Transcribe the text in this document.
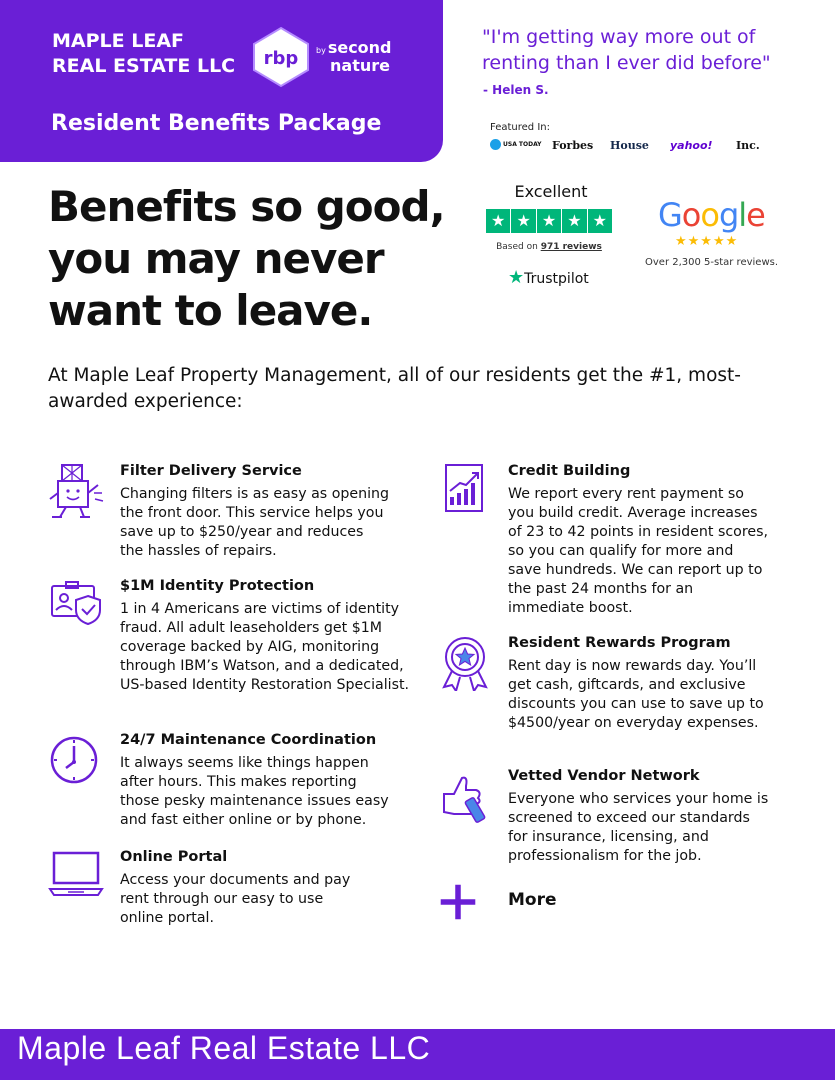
MAPLE LEAF
REAL ESTATE LLC	rbp by second
nature
Resident Benefits Package
"I'm getting way more out of renting than I ever did before"
- Helen S.
Featured In:
USA TODAY Forbes House yahoo! Inc.
Benefits so good,
you may never
want to leave.
Excellent
★ ★ ★ ★ ★
Based on 971 reviews
★Trustpilot
Google
★★★★★
Over 2,300 5-star reviews.
At Maple Leaf Property Management, all of our residents get the #1, most-awarded experience:
Filter Delivery Service
Changing filters is as easy as opening the front door. This service helps you save up to $250/year and reduces the hassles of repairs.
$1M Identity Protection
1 in 4 Americans are victims of identity fraud. All adult leaseholders get $1M coverage backed by AIG, monitoring through IBM’s Watson, and a dedicated, US-based Identity Restoration Specialist.
24/7 Maintenance Coordination
It always seems like things happen after hours. This makes reporting those pesky maintenance issues easy and fast either online or by phone.
Online Portal
Access your documents and pay rent through our easy to use online portal.
Credit Building
We report every rent payment so you build credit. Average increases of 23 to 42 points in resident scores, so you can qualify for more and save hundreds. We can report up to the past 24 months for an immediate boost.
Resident Rewards Program
Rent day is now rewards day. You’ll get cash, giftcards, and exclusive discounts you can use to save up to $4500/year on everyday expenses.
Vetted Vendor Network
Everyone who services your home is screened to exceed our standards for insurance, licensing, and professionalism for the job.
More
Maple Leaf Real Estate LLC
